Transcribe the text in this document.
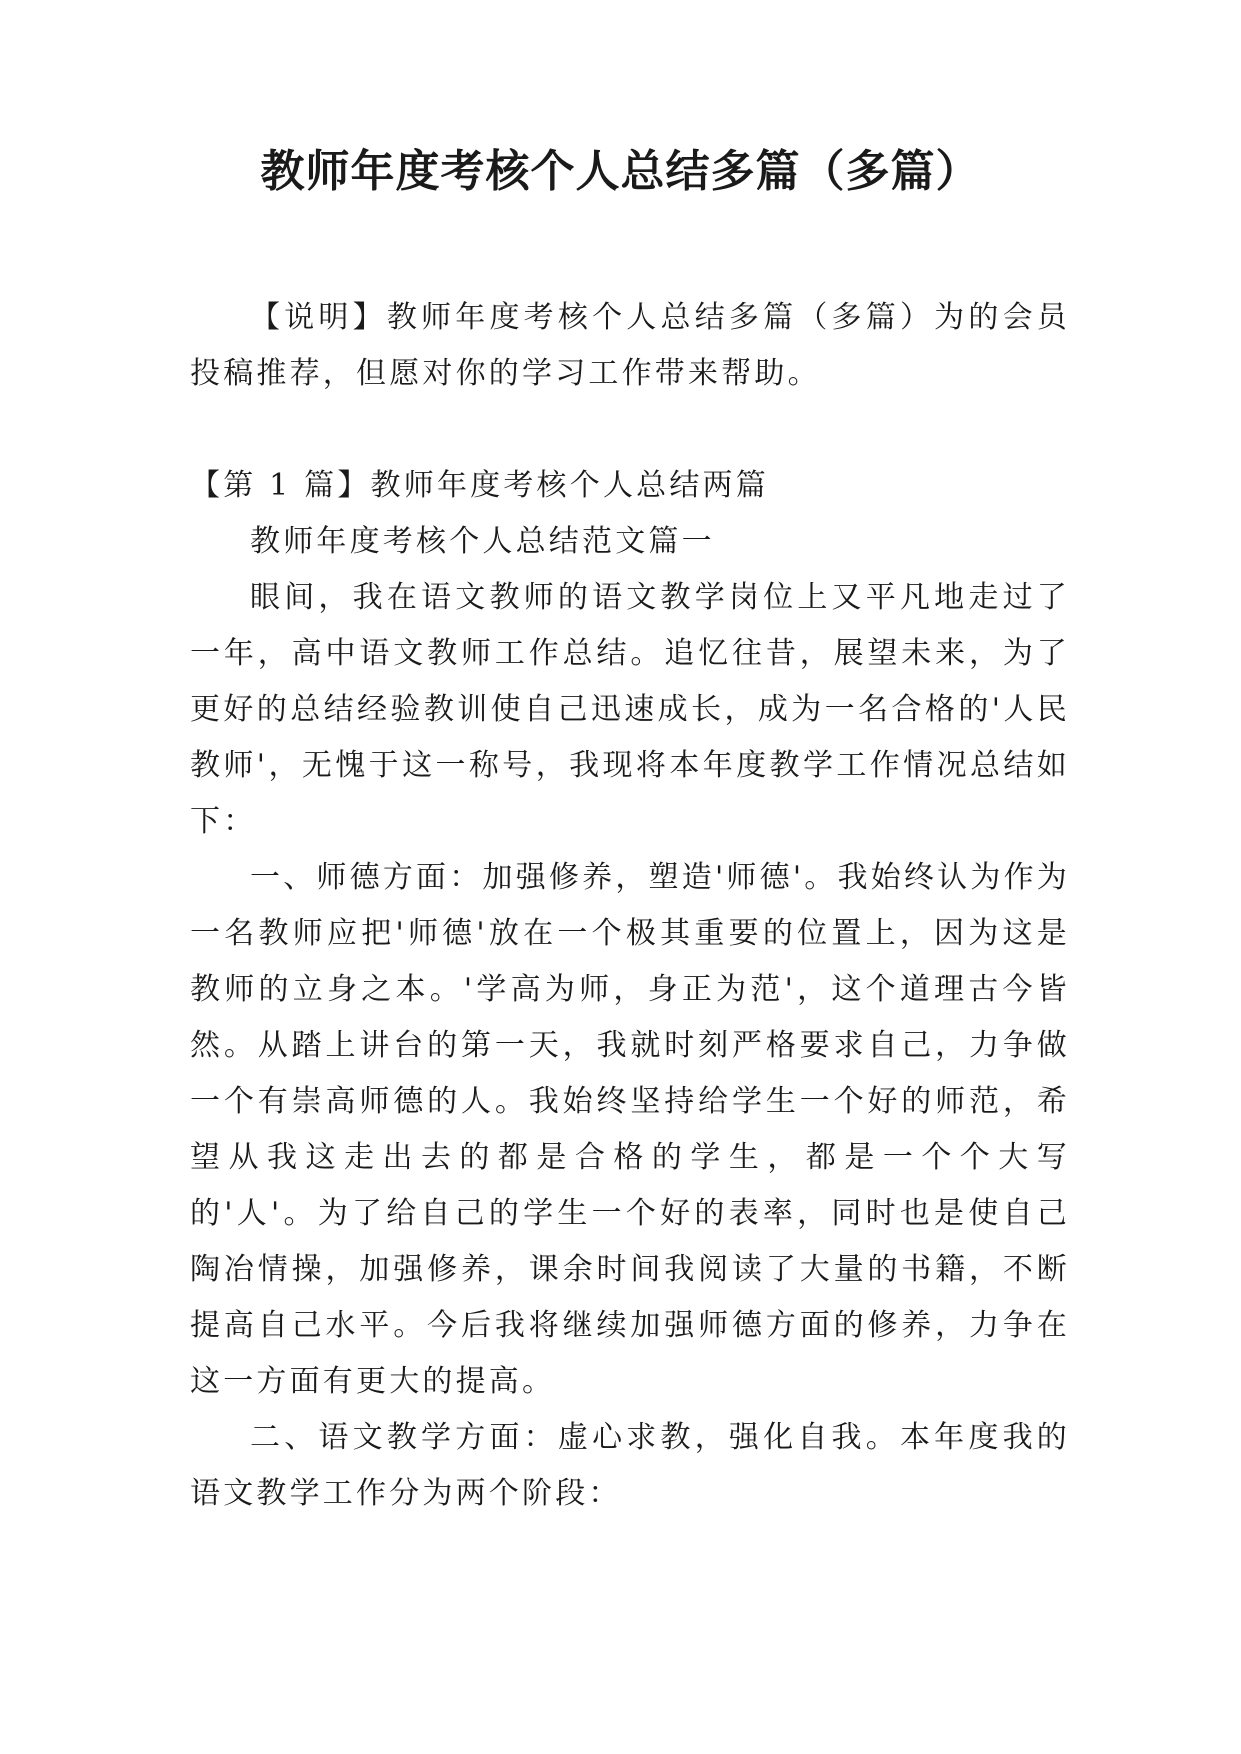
教师年度考核个人总结多篇（多篇）

【说明】教师年度考核个人总结多篇（多篇）为的会员投稿推荐，但愿对你的学习工作带来帮助。

【第 1 篇】教师年度考核个人总结两篇

教师年度考核个人总结范文篇一

眼间，我在语文教师的语文教学岗位上又平凡地走过了一年，高中语文教师工作总结。追忆往昔，展望未来，为了更好的总结经验教训使自己迅速成长，成为一名合格的'人民教师'，无愧于这一称号，我现将本年度教学工作情况总结如下：

一、师德方面：加强修养，塑造'师德'。我始终认为作为一名教师应把'师德'放在一个极其重要的位置上，因为这是教师的立身之本。'学高为师，身正为范'，这个道理古今皆然。从踏上讲台的第一天，我就时刻严格要求自己，力争做一个有崇高师德的人。我始终坚持给学生一个好的师范，希望从我这走出去的都是合格的学生，都是一个个大写的'人'。为了给自己的学生一个好的表率，同时也是使自己陶冶情操，加强修养，课余时间我阅读了大量的书籍，不断提高自己水平。今后我将继续加强师德方面的修养，力争在这一方面有更大的提高。

二、语文教学方面：虚心求教，强化自我。本年度我的语文教学工作分为两个阶段：
